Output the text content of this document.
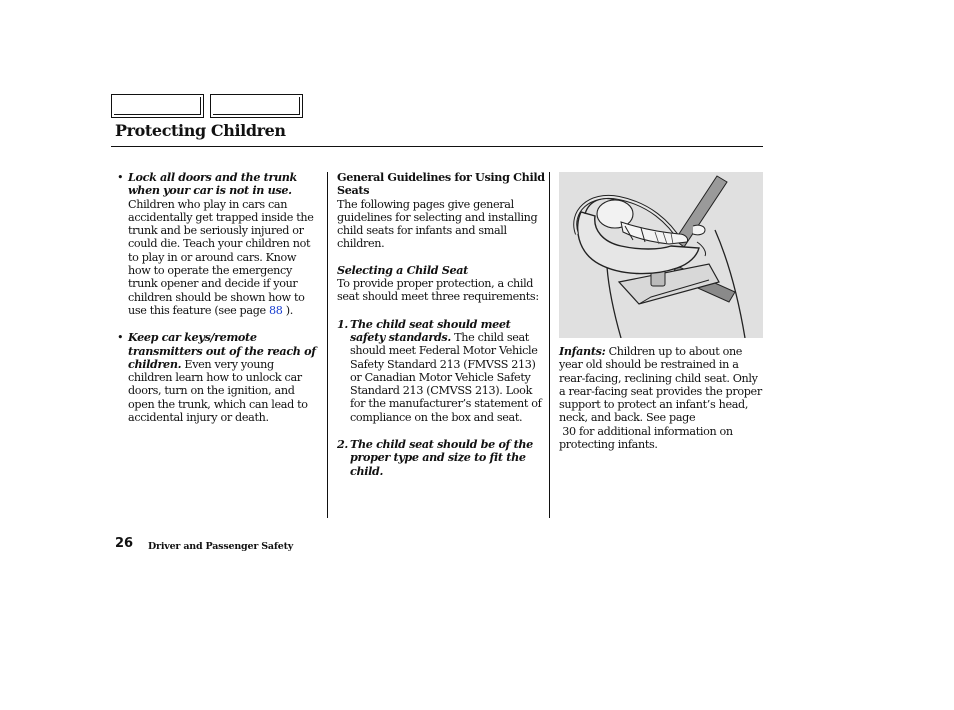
Protecting Children

• Lock all doors and the trunk when your car is not in use. Children who play in cars can accidentally get trapped inside the trunk and be seriously injured or could die. Teach your children not to play in or around cars. Know how to operate the emergency trunk opener and decide if your children should be shown how to use this feature (see page 88 ).

• Keep car keys/remote transmitters out of the reach of children. Even very young children learn how to unlock car doors, turn on the ignition, and open the trunk, which can lead to accidental injury or death.

General Guidelines for Using Child Seats

The following pages give general guidelines for selecting and installing child seats for infants and small children.

Selecting a Child Seat

To provide proper protection, a child seat should meet three requirements:

1. The child seat should meet safety standards. The child seat should meet Federal Motor Vehicle Safety Standard 213 (FMVSS 213) or Canadian Motor Vehicle Safety Standard 213 (CMVSS 213). Look for the manufacturer’s statement of compliance on the box and seat.

2. The child seat should be of the proper type and size to fit the child.

Infants: Children up to about one year old should be restrained in a rear-facing, reclining child seat. Only a rear-facing seat provides the proper support to protect an infant’s head, neck, and back. See page

30 for additional information on protecting infants.

26 Driver and Passenger Safety
